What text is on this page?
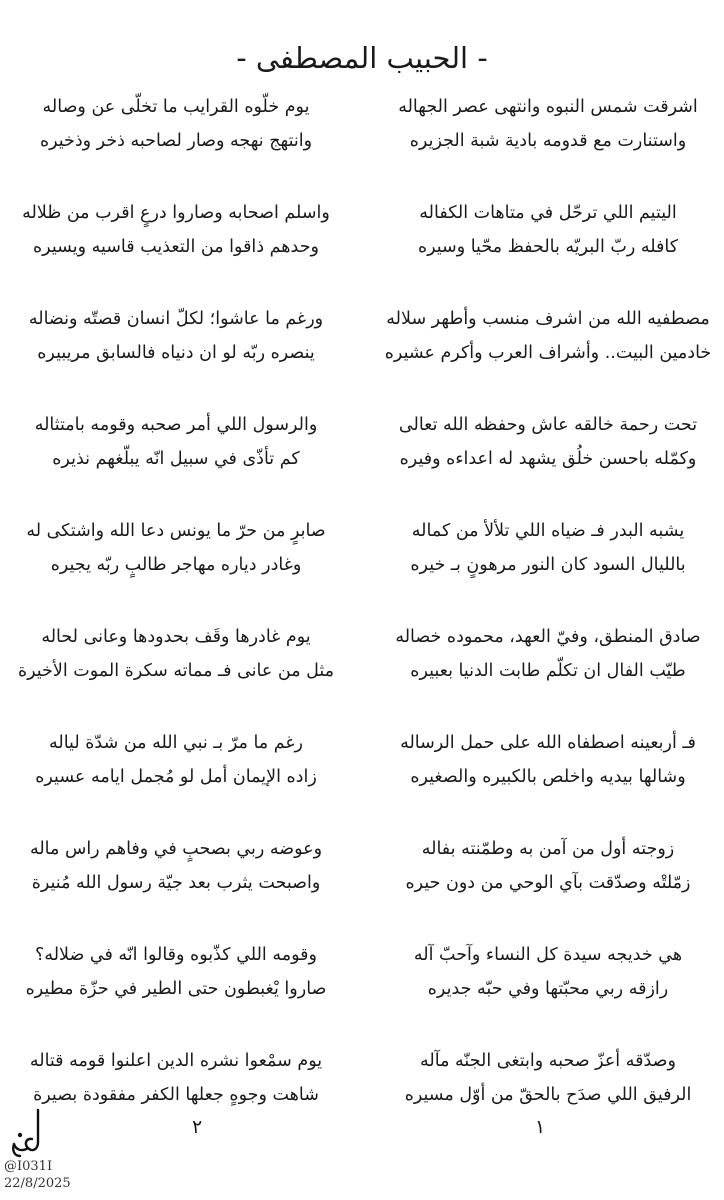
- الحبيب المصطفى -
اشرقت شمس النبوه وانتهى عصر الجهاله
واستنارت مع قدومه بادية شبة الجزيره
اليتيم اللي ترحّل في متاهات الكفاله
كافله ربّ البريّه بالحفظ محّيا وسيره
مصطفيه الله من اشرف منسب وأطهر سلاله
خادمين البيت.. وأشراف العرب وأكرم عشيره
تحت رحمة خالقه عاش وحفظه الله تعالى
وكمّله باحسن خلُق يشهد له اعداءه وفيره
يشبه البدر فـ ضياه اللي تلألأ من كماله
بالليال السود كان النور مرهونٍ بـ خيره
صادق المنطق، وفيّ العهد، محموده خصاله
طيّب الفال ان تكلّم طابت الدنيا بعبيره
فـ أربعينه اصطفاه الله على حمل الرساله
وشالها بيديه واخلص بالكبيره والصغيره
زوجته أول من آمن به وطمّنته بفاله
زمّلتْه وصدّقت بآي الوحي من دون حيره
هي خديجه سيدة كل النساء وآحبّ آله
رازقه ربي محبّتها وفي حبّه جديره
وصدّقه أعزّ صحبه وابتغى الجنّه مآله
الرفيق اللي صدَح بالحقّ من أوّل مسيره
يوم خلّوه القرايب ما تخلّى عن وصاله
وانتهج نهجه وصار لصاحبه ذخر وذخيره
واسلم اصحابه وصاروا درعٍ اقرب من ظلاله
وحدهم ذاقوا من التعذيب قاسيه ويسيره
ورغم ما عاشوا؛ لكلّ انسان قصتّه ونضاله
ينصره ربّه لو ان دنياه فالسابق مريبيره
والرسول اللي أمر صحبه وقومه بامتثاله
كم تأذّى في سبيل انّه يبلّغهم نذيره
صابرٍ من حرّ ما يونس دعا الله واشتكى له
وغادر دياره مهاجر طالبٍ ربّه يجيره
يوم غادرها وقَف بحدودها وعانى لحاله
مثل من عانى فـ مماته سكرة الموت الأخيرة
رغم ما مرّ بـ نبي الله من شدّة لياله
زاده الإيمان أمل لو مُجمل ايامه عسيره
وعوضه ربي بصحبٍ في وفاهم راس ماله
واصبحت يثرب بعد جيّة رسول الله مُنيرة
وقومه اللي كذّبوه وقالوا انّه في ضلاله؟
صاروا يْغبطون حتى الطير في حزّة مطيره
يوم سمْعوا نشره الدين اعلنوا قومه قتاله
شاهت وجوهٍ جعلها الكفر مفقودة بصيرة
١
٢
@I031I
22/8/2025
